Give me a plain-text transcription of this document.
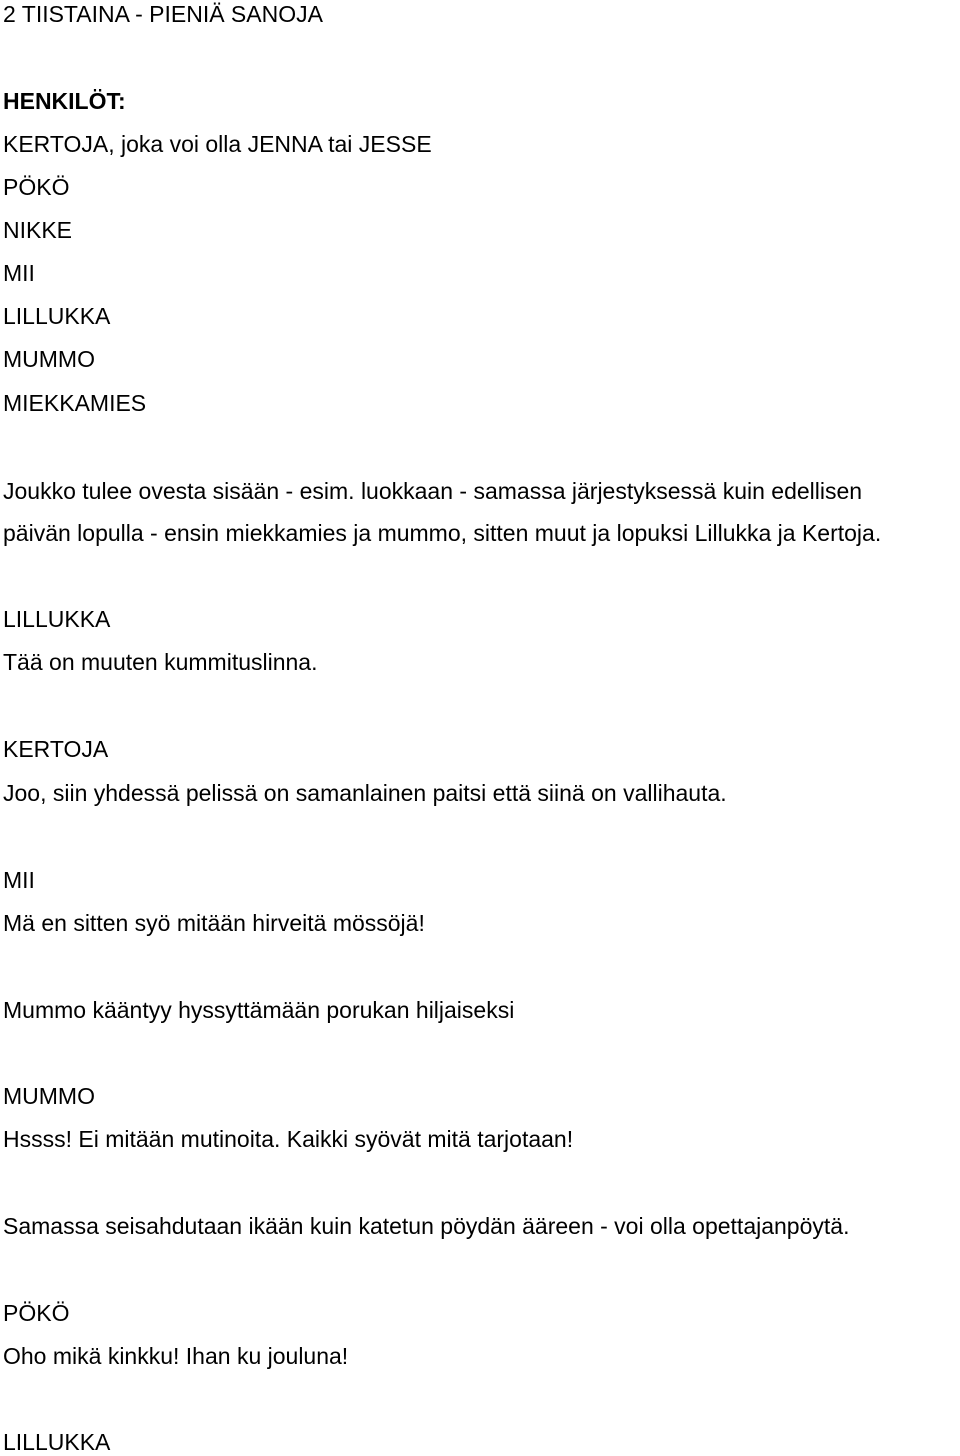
2 TIISTAINA - PIENIÄ SANOJA

HENKILÖT:

KERTOJA, joka voi olla JENNA tai JESSE

PÖKÖ

NIKKE

MII

LILLUKKA

MUMMO

MIEKKAMIES

Joukko tulee ovesta sisään - esim. luokkaan - samassa järjestyksessä kuin edellisen

päivän lopulla - ensin miekkamies ja mummo, sitten muut ja lopuksi Lillukka ja Kertoja.

LILLUKKA

Tää on muuten kummituslinna.

KERTOJA

Joo, siin yhdessä pelissä on samanlainen paitsi että siinä on vallihauta.

MII

Mä en sitten syö mitään hirveitä mössöjä!

Mummo kääntyy hyssyttämään porukan hiljaiseksi

MUMMO

Hssss! Ei mitään mutinoita. Kaikki syövät mitä tarjotaan!

Samassa seisahdutaan ikään kuin katetun pöydän ääreen - voi olla opettajanpöytä.

PÖKÖ

Oho mikä kinkku! Ihan ku jouluna!

LILLUKKA
